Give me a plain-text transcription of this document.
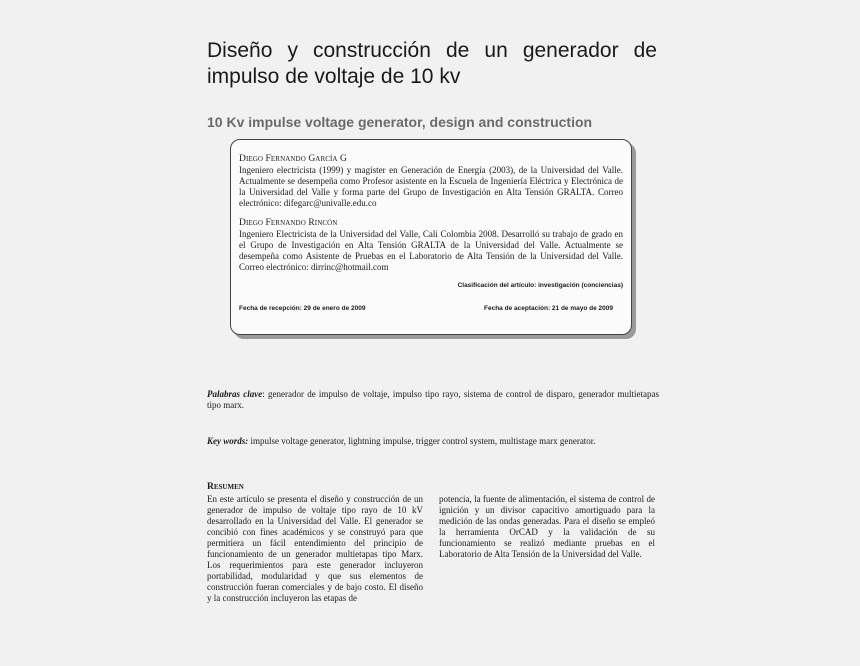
Diseño y construcción de un generador de impulso de voltaje de 10 kv
10 Kv impulse voltage generator, design and construction
Diego Fernando García G

Ingeniero electricista (1999) y magíster en Generación de Energía (2003), de la Universidad del Valle. Actualmente se desempeña como Profesor asistente en la Escuela de Ingeniería Eléctrica y Electrónica de la Universidad del Valle y forma parte del Grupo de Investigación en Alta Tensión GRALTA. Correo electrónico: difegarc@univalle.edu.co

Diego Fernando Rincón

Ingeniero Electricista de la Universidad del Valle, Cali Colombia 2008. Desarrolló su trabajo de grado en el Grupo de Investigación en Alta Tensión GRALTA de la Universidad del Valle. Actualmente se desempeña como Asistente de Pruebas en el Laboratorio de Alta Tensión de la Universidad del Valle. Correo electrónico: dirrinc@hotmail.com

Clasificación del artículo: investigación (conciencias)
Fecha de recepción: 29 de enero de 2009	Fecha de aceptación: 21 de mayo de 2009
Palabras clave: generador de impulso de voltaje, impulso tipo rayo, sistema de control de disparo, generador multietapas tipo marx.
Key words: impulse voltage generator, lightning impulse, trigger control system, multistage marx generator.
Resumen
En este artículo se presenta el diseño y construcción de un generador de impulso de voltaje tipo rayo de 10 kV desarrollado en la Universidad del Valle. El generador se concibió con fines académicos y se construyó para que permitiera un fácil entendimiento del principio de funcionamiento de un generador multietapas tipo Marx. Los requerimientos para este generador incluyeron portabilidad, modularidad y que sus elementos de construcción fueran comerciales y de bajo costo. El diseño y la construcción incluyeron las etapas de
potencia, la fuente de alimentación, el sistema de control de ignición y un divisor capacitivo amortiguado para la medición de las ondas generadas. Para el diseño se empleó la herramienta OrCAD y la validación de su funcionamiento se realizó mediante pruebas en el Laboratorio de Alta Tensión de la Universidad del Valle.
